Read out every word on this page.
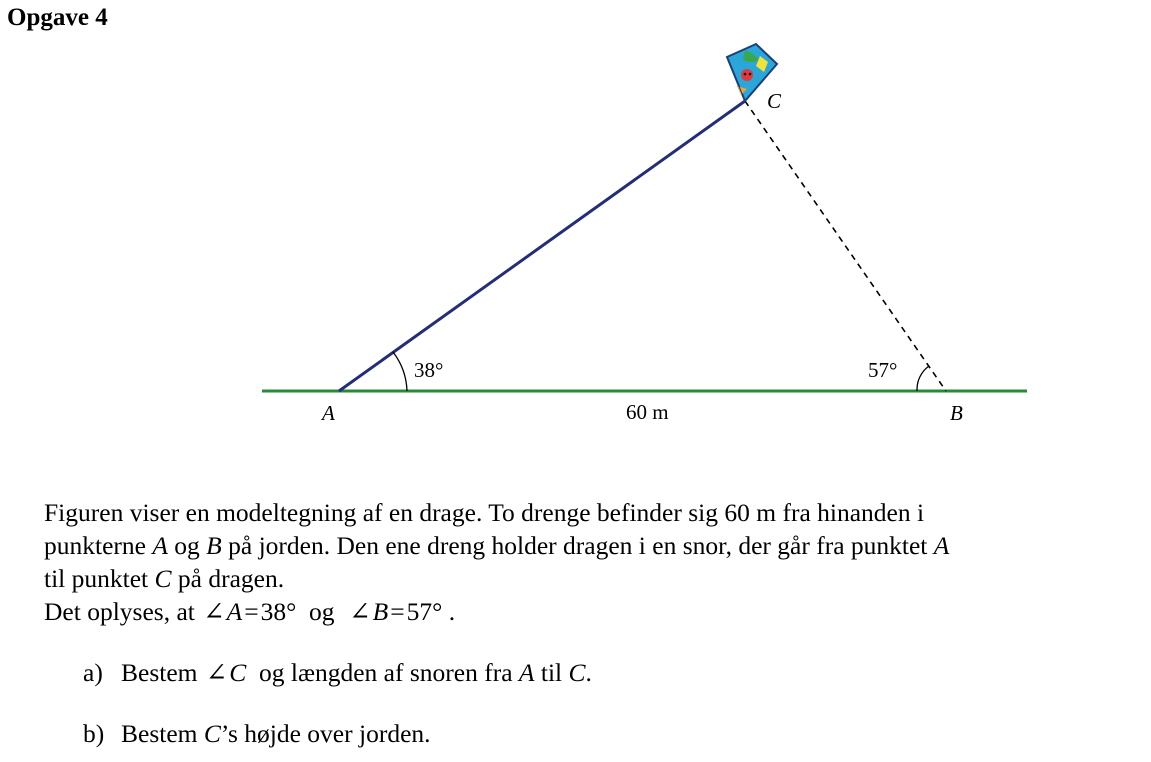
Opgave 4
A	B
C
38°	57°
60 m

Figuren viser en modeltegning af en drage. To drenge befinder sig 60 m fra hinanden i

punkterne A og B på jorden. Den ene dreng holder dragen i en snor, der går fra punktet A

til punktet C på dragen.

Det oplyses, at ∠A=38° og ∠B=57° .

a) Bestem ∠C  og længden af snoren fra A til C.
b) Bestem C’s højde over jorden.
